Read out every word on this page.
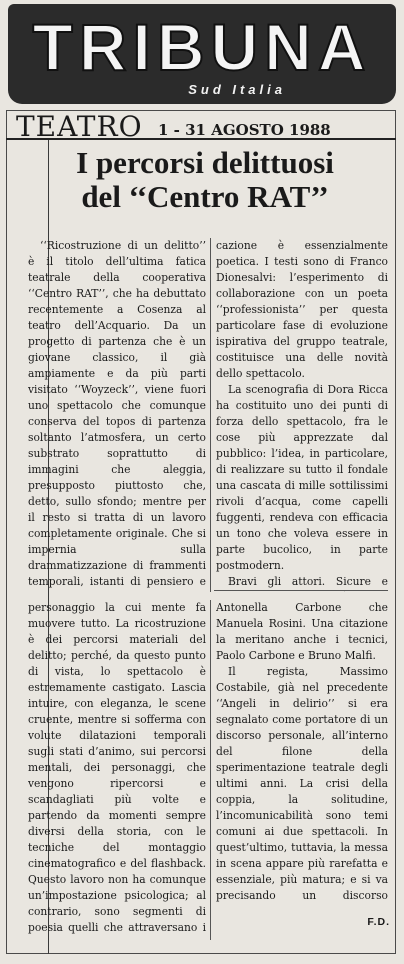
TRIBUNA
Sud Italia
TEATRO 1 - 31 AGOSTO 1988
I percorsi delittuosi
del ‘‘Centro RAT’’

‘‘Ricostruzione di un delitto’’ è il titolo dell’ultima fatica teatrale della cooperativa ‘‘Centro RAT’’, che ha debuttato recentemente a Cosenza al teatro dell’Acquario. Da un progetto di partenza che è un giovane classico, il già ampiamente e da più parti visitato ‘‘Woyzeck’’, viene fuori uno spettacolo che comunque conserva del topos di partenza soltanto l’atmosfera, un certo substrato soprattutto di immagini che aleggia, presupposto piuttosto che, detto, sullo sfondo; mentre per il resto si tratta di un lavoro completamente originale. Che si impernia sulla drammatizzazione di frammenti temporali, istanti di pensiero e

cazione è essenzialmente poetica. I testi sono di Franco Dionesalvi: l’esperimento di collaborazione con un poeta ‘‘professionista’’ per questa particolare fase di evoluzione ispirativa del gruppo teatrale, costituisce una delle novità dello spettacolo.

La scenografia di Dora Ricca ha costituito uno dei punti di forza dello spettacolo, fra le cose più apprezzate dal pubblico: l’idea, in particolare, di realizzare su tutto il fondale una cascata di mille sottilissimi rivoli d’acqua, come capelli fuggenti, rendeva con efficacia un tono che voleva essere in parte bucolico, in parte postmodern.

Bravi gli attori. Sicure e

personaggio la cui mente fa muovere tutto. La ricostruzione è dei percorsi materiali del delitto; perché, da questo punto di vista, lo spettacolo è estremamente castigato. Lascia intuire, con eleganza, le scene cruente, mentre si sofferma con volute dilatazioni temporali sugli stati d’animo, sui percorsi mentali, dei personaggi, che vengono ripercorsi e scandagliati più volte e partendo da momenti sempre diversi della storia, con le tecniche del montaggio cinematografico e del flashback. Questo lavoro non ha comunque un’impostazione psicologica; al contrario, sono segmenti di poesia quelli che attraversano i

Antonella Carbone che Manuela Rosini. Una citazione la meritano anche i tecnici, Paolo Carbone e Bruno Malfi.

Il regista, Massimo Costabile, già nel precedente ‘‘Angeli in delirio’’ si era segnalato come portatore di un discorso personale, all’interno del filone della sperimentazione teatrale degli ultimi anni. La crisi della coppia, la solitudine, l’incomunicabilità sono temi comuni ai due spettacoli. In quest’ultimo, tuttavia, la messa in scena appare più rarefatta e essenziale, più matura; e si va precisando un discorso

F.D.
